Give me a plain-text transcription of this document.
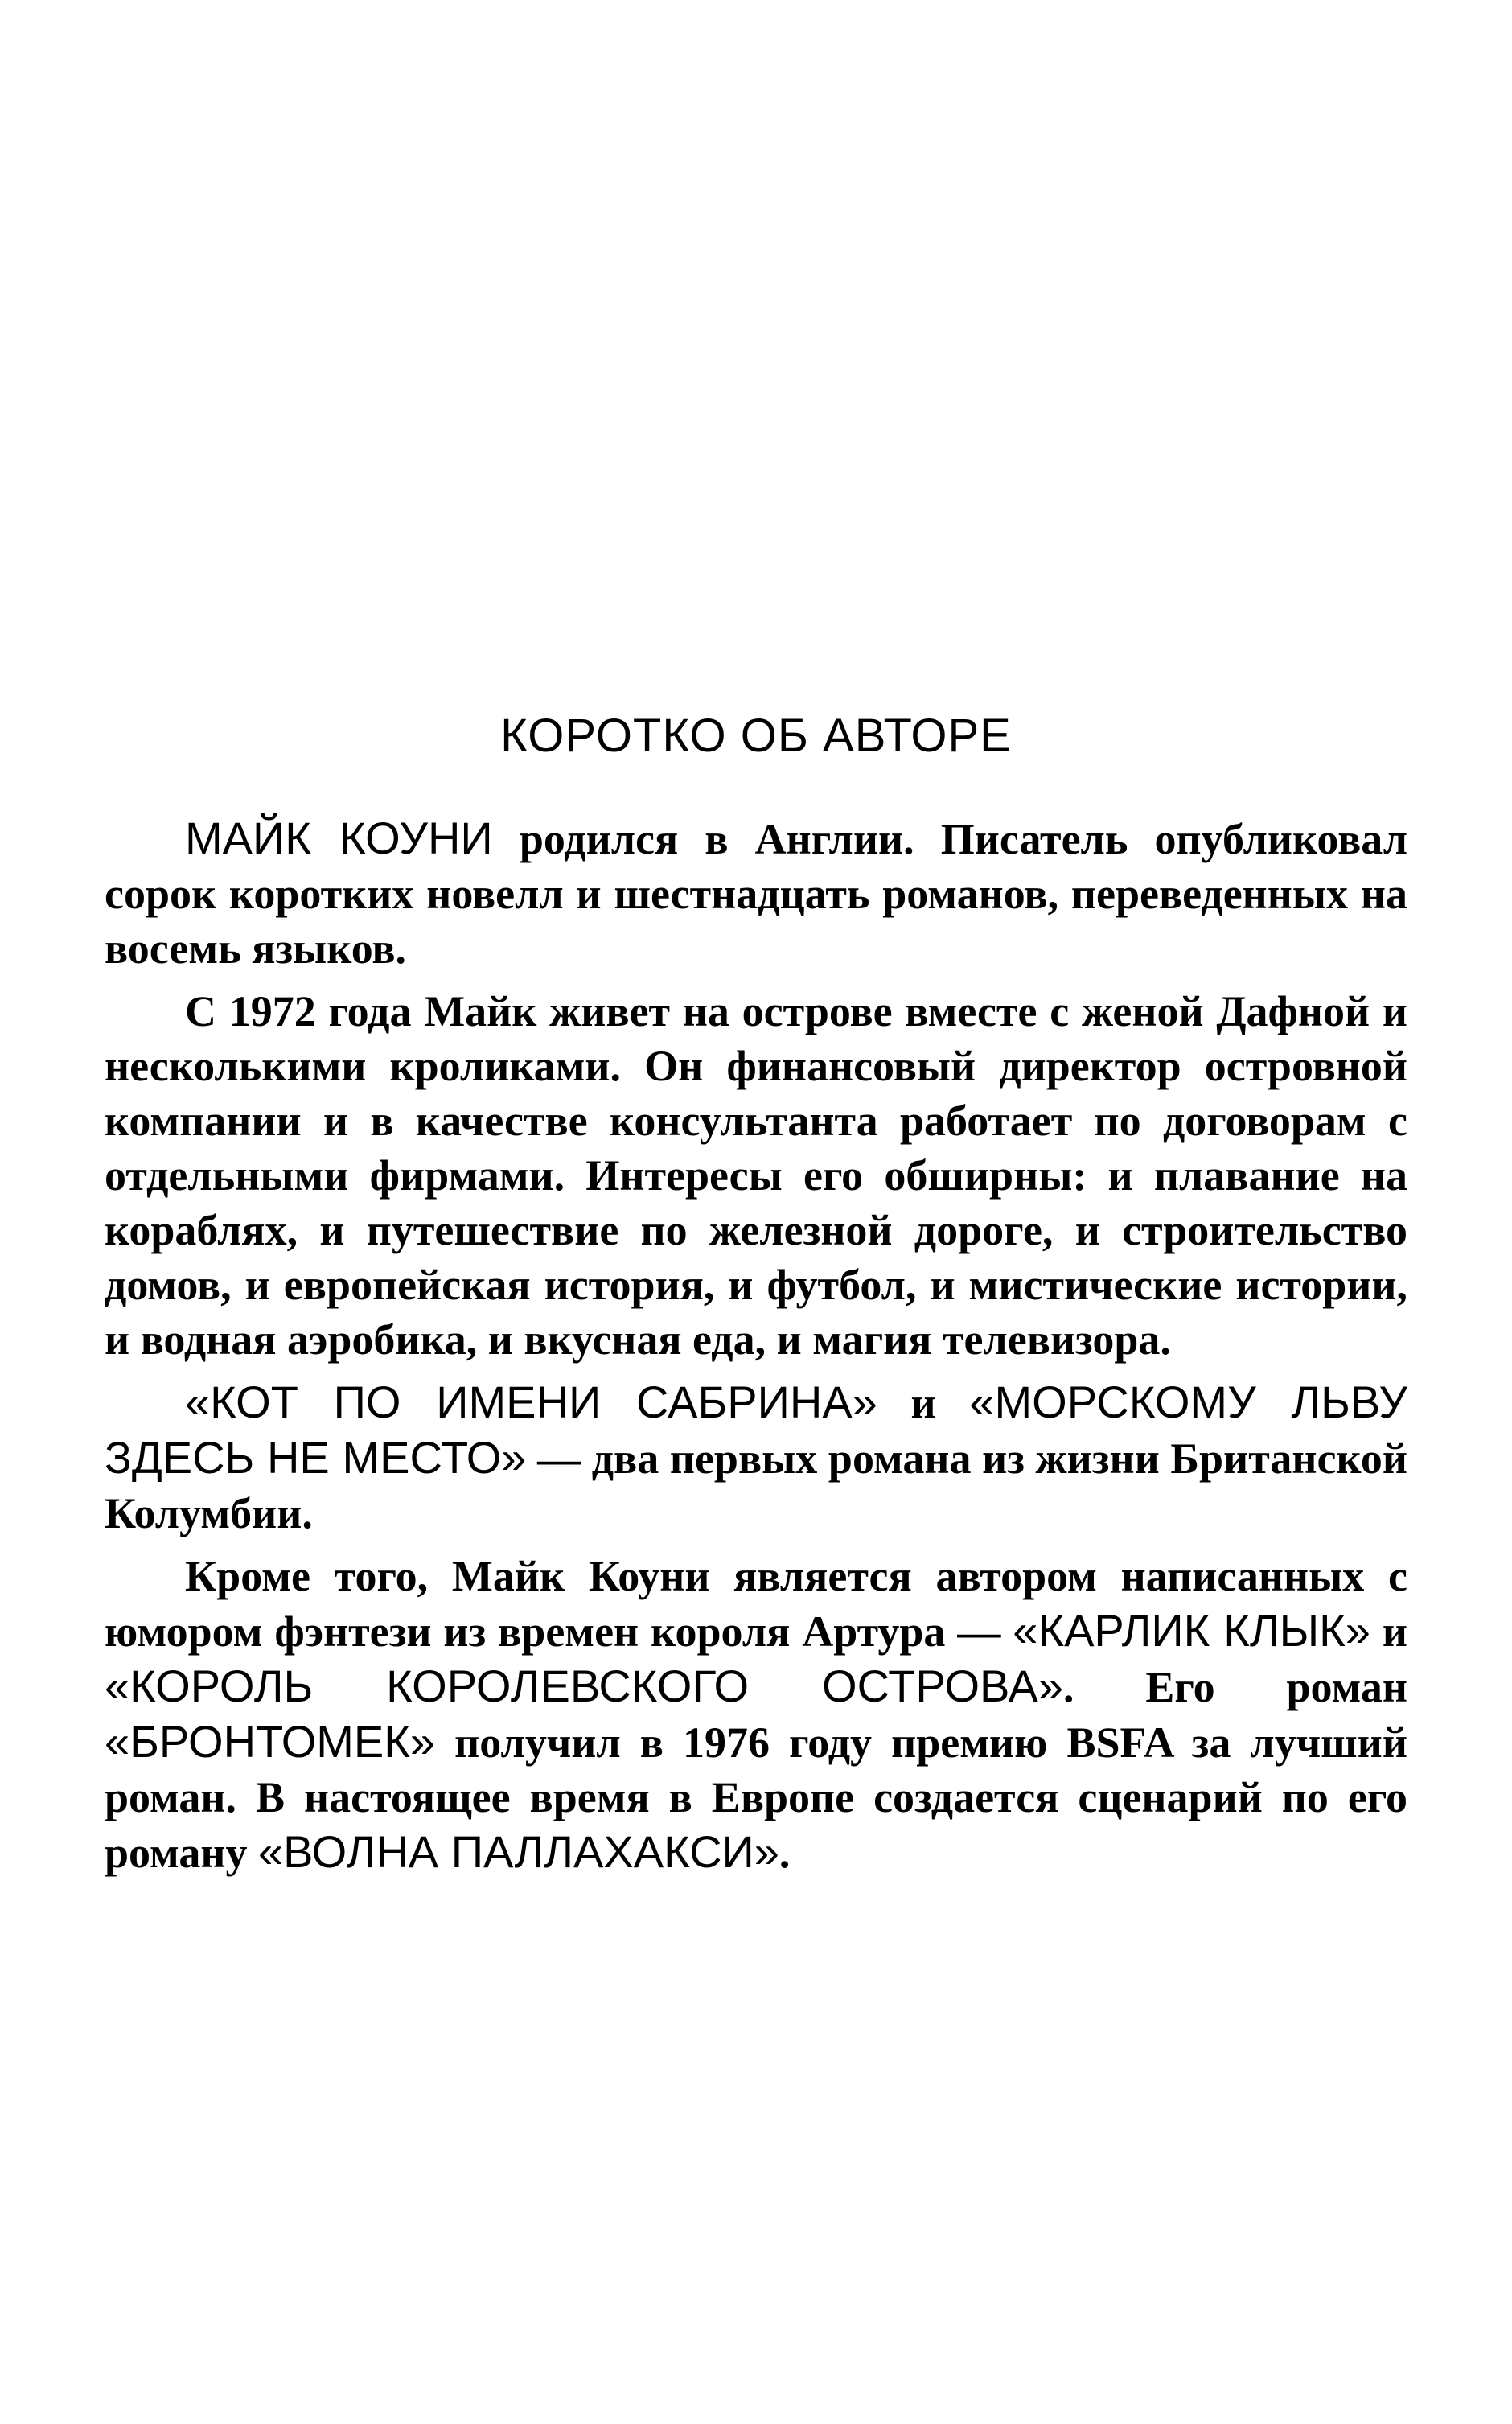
КОРОТКО ОБ АВТОРЕ

МАЙК КОУНИ родился в Англии. Писатель опубликовал сорок коротких новелл и шестнадцать романов, переведенных на восемь языков.

С 1972 года Майк живет на острове вместе с женой Дафной и несколькими кроликами. Он финансовый директор островной компании и в качестве консультанта работает по договорам с отдельными фирмами. Интересы его обширны: и плавание на кораблях, и путешествие по железной дороге, и строительство домов, и европейская история, и футбол, и мистические истории, и водная аэробика, и вкусная еда, и магия телевизора.

«КОТ ПО ИМЕНИ САБРИНА» и «МОРСКОМУ ЛЬВУ ЗДЕСЬ НЕ МЕСТО» — два первых романа из жизни Британской Колумбии.

Кроме того, Майк Коуни является автором написанных с юмором фэнтези из времен короля Артура — «КАРЛИК КЛЫК» и «КОРОЛЬ КОРОЛЕВСКОГО ОСТРОВА». Его роман «БРОНТОМЕК» получил в 1976 году премию BSFA за лучший роман. В настоящее время в Европе создается сценарий по его роману «ВОЛНА ПАЛЛАХАКСИ».
